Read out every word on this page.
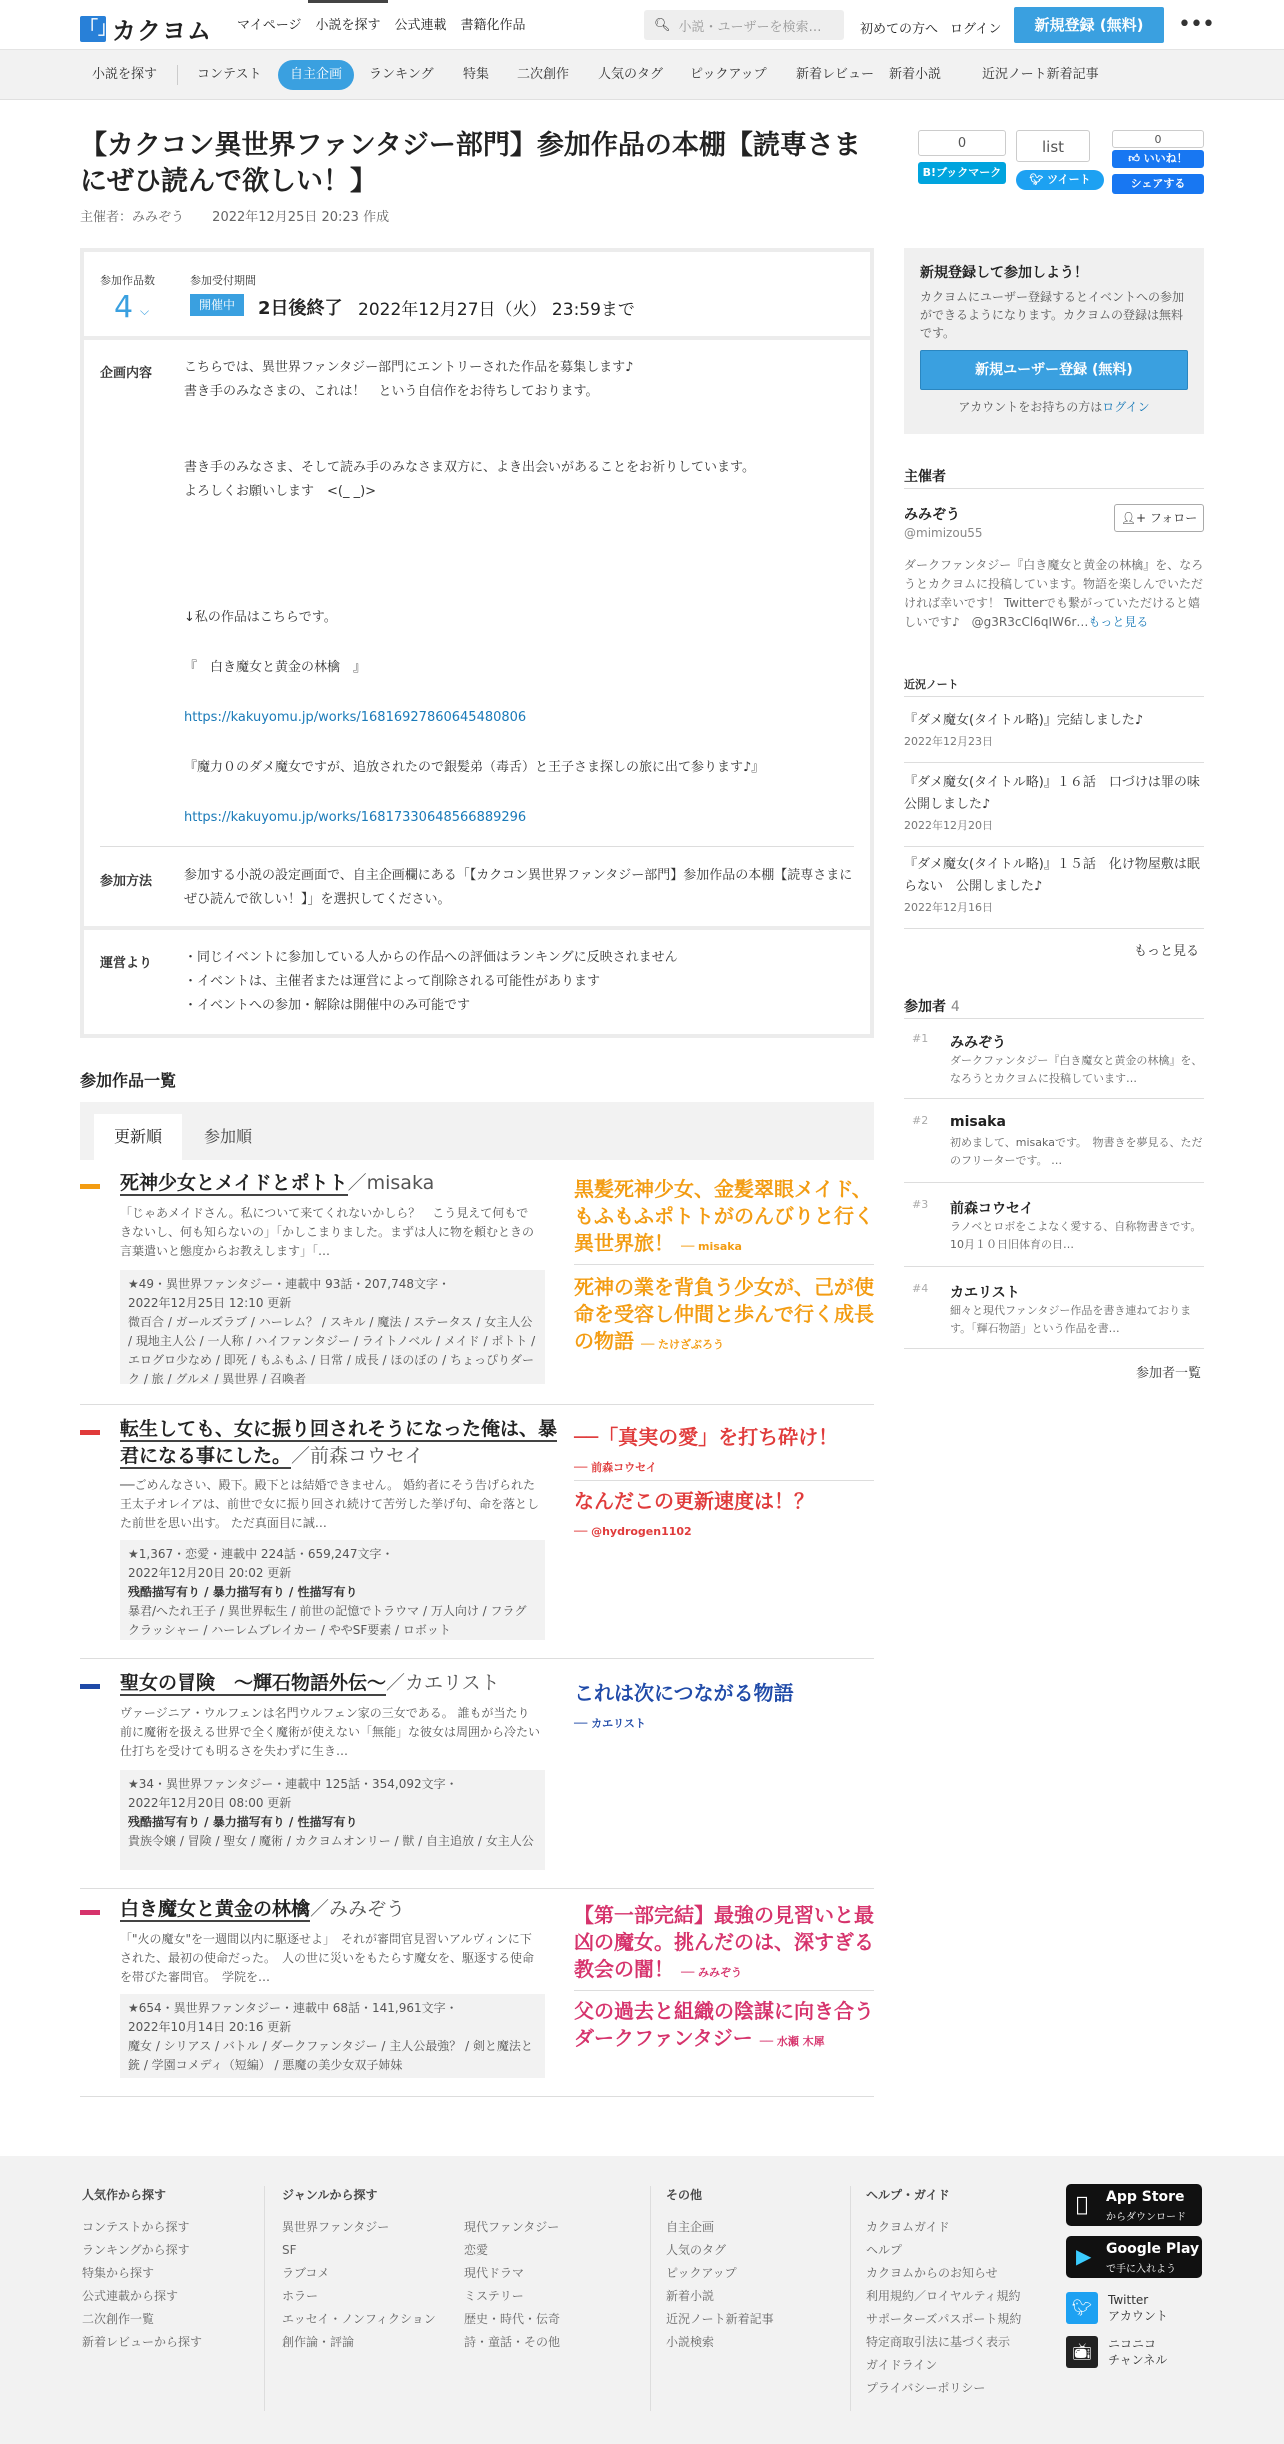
「」
カクヨム	マイページ	小説を探す	公式連載	書籍化作品	🔍︎ 小説・ユーザーを検索…	初めての方へ ログイン	新規登録 (無料)	•••
小説を探す	コンテスト	自主企画	ランキング 特集 二次創作 人気のタグ ピックアップ 新着レビュー 新着小説	近況ノート新着記事
【カクコン異世界ファンタジー部門】参加作品の本棚【読専さまにぜひ読んで欲しい！】
主催者：みみぞう 2022年12月25日 20:23 作成
0
B!ブックマーク
list
🐦︎ ツイート
0
👍︎ いいね！
シェアする
参加作品数
4 ⌵
参加受付期間
開催中	2日後終了 2022年12月27日（火） 23:59まで
企画内容 こちらでは、異世界ファンタジー部門にエントリーされた作品を募集します♪
書き手のみなさまの、これは！　という自信作をお待ちしております。
書き手のみなさま、そして読み手のみなさま双方に、よき出会いがあることをお祈りしています。
よろしくお願いします　<(_ _)>
↓私の作品はこちらです。
『　白き魔女と黄金の林檎　』
https://kakuyomu.jp/works/16816927860645480806
『魔力０のダメ魔女ですが、追放されたので銀髪弟（毒舌）と王子さま探しの旅に出て参ります♪』
https://kakuyomu.jp/works/16817330648566889296
参加方法 参加する小説の設定画面で、自主企画欄にある「【カクコン異世界ファンタジー部門】参加作品の本棚【読専さまにぜひ読んで欲しい！】」を選択してください。
運営より ・同じイベントに参加している人からの作品への評価はランキングに反映されません
・イベントは、主催者または運営によって削除される可能性があります
・イベントへの参加・解除は開催中のみ可能です
参加作品一覧
更新順	参加順
死神少女とメイドとポトト／misaka
「じゃあメイドさん。私について来てくれないかしら？　こう見えて何もできないし、何も知らないの」「かしこまりました。まずは人に物を頼むときの言葉遣いと態度からお教えします」「…
★49・異世界ファンタジー・連載中 93話・207,748文字・
2022年12月25日 12:10 更新
微百合 / ガールズラブ / ハーレム？ / スキル / 魔法 / ステータス / 女主人公 / 現地主人公 / 一人称 / ハイファンタジー / ライトノベル / メイド / ポトト / エログロ少なめ / 即死 / もふもふ / 日常 / 成長 / ほのぼの / ちょっぴりダーク / 旅 / グルメ / 異世界 / 召喚者
黒髪死神少女、金髪翠眼メイド、もふもふポトトがのんびりと行く異世界旅！ ── misaka
死神の業を背負う少女が、己が使命を受容し仲間と歩んで行く成長の物語 ── たけざぶろう
転生しても、女に振り回されそうになった俺は、暴君になる事にした。／前森コウセイ
──ごめんなさい、殿下。殿下とは結婚できません。 婚約者にそう告げられた王太子オレイアは、前世で女に振り回され続けて苦労した挙げ句、命を落とした前世を思い出す。 ただ真面目に誠…
★1,367・恋愛・連載中 224話・659,247文字・
2022年12月20日 20:02 更新
残酷描写有り / 暴力描写有り / 性描写有り
暴君/へたれ王子 / 異世界転生 / 前世の記憶でトラウマ / 万人向け / フラグクラッシャー / ハーレムブレイカー / ややSF要素 / ロボット
──「真実の愛」を打ち砕け！
── 前森コウセイ
なんだこの更新速度は！？
── @hydrogen1102
聖女の冒険　～輝石物語外伝～／カエリスト
ヴァージニア・ウルフェンは名門ウルフェン家の三女である。 誰もが当たり前に魔術を扱える世界で全く魔術が使えない「無能」な彼女は周囲から冷たい仕打ちを受けても明るさを失わずに生き…
★34・異世界ファンタジー・連載中 125話・354,092文字・
2022年12月20日 08:00 更新
残酷描写有り / 暴力描写有り / 性描写有り
貴族令嬢 / 冒険 / 聖女 / 魔術 / カクヨムオンリー / 獣 / 自主追放 / 女主人公
これは次につながる物語
── カエリスト
白き魔女と黄金の林檎／みみぞう
「"火の魔女"を一週間以内に駆逐せよ」　それが審問官見習いアルヴィンに下された、最初の使命だった。　人の世に災いをもたらす魔女を、駆逐する使命を帯びた審問官。　学院を…
★654・異世界ファンタジー・連載中 68話・141,961文字・
2022年10月14日 20:16 更新
魔女 / シリアス / バトル / ダークファンタジー / 主人公最強？ / 剣と魔法と銃 / 学園コメディ（短編） / 悪魔の美少女双子姉妹
【第一部完結】最強の見習いと最凶の魔女。挑んだのは、深すぎる教会の闇！ ── みみぞう
父の過去と組織の陰謀に向き合うダークファンタジー ── 水瀬 木犀
新規登録して参加しよう！
カクヨムにユーザー登録するとイベントへの参加ができるようになります。カクヨムの登録は無料です。
新規ユーザー登録 (無料)
アカウントをお持ちの方はログイン
主催者
みみぞう
@mimizou55
👤︎+ フォロー
ダークファンタジー『白き魔女と黄金の林檎』を、なろうとカクヨムに投稿しています。物語を楽しんでいただければ幸いです！ Twitterでも繋がっていただけると嬉しいです♪　@g3R3cCl6qIW6r…もっと見る
近況ノート
『ダメ魔女(タイトル略)』完結しました♪
2022年12月23日
『ダメ魔女(タイトル略)』１６話　口づけは罪の味　公開しました♪
2022年12月20日
『ダメ魔女(タイトル略)』１５話　化け物屋敷は眠らない　公開しました♪
2022年12月16日
もっと見る
参加者 4
#1 みみぞう
ダークファンタジー『白き魔女と黄金の林檎』を、なろうとカクヨムに投稿しています…
#2 misaka
初めまして、misakaです。　物書きを夢見る、ただのフリーターです。 …
#3 前森コウセイ
ラノベとロボをこよなく愛する、自称物書きです。 10月１０日旧体育の日…
#4 カエリスト
細々と現代ファンタジー作品を書き連ねております。「輝石物語」という作品を書…
参加者一覧
人気作から探す
コンテストから探す
ランキングから探す
特集から探す
公式連載から探す
二次創作一覧
新着レビューから探す
ジャンルから探す
異世界ファンタジー
SF
ラブコメ
ホラー
エッセイ・ノンフィクション
創作論・評論
現代ファンタジー
恋愛
現代ドラマ
ミステリー
歴史・時代・伝奇
詩・童話・その他
その他
自主企画
人気のタグ
ピックアップ
新着小説
近況ノート新着記事
小説検索
ヘルプ・ガイド
カクヨムガイド
ヘルプ
カクヨムからのお知らせ
利用規約／ロイヤルティ規約
サポーターズパスポート規約
特定商取引法に基づく表示
ガイドライン
プライバシーポリシー
App Store
からダウンロード
▶ Google Play
で手に入れよう
🐦︎	Twitter
アカウント
📺︎	ニコニコ
チャンネル
